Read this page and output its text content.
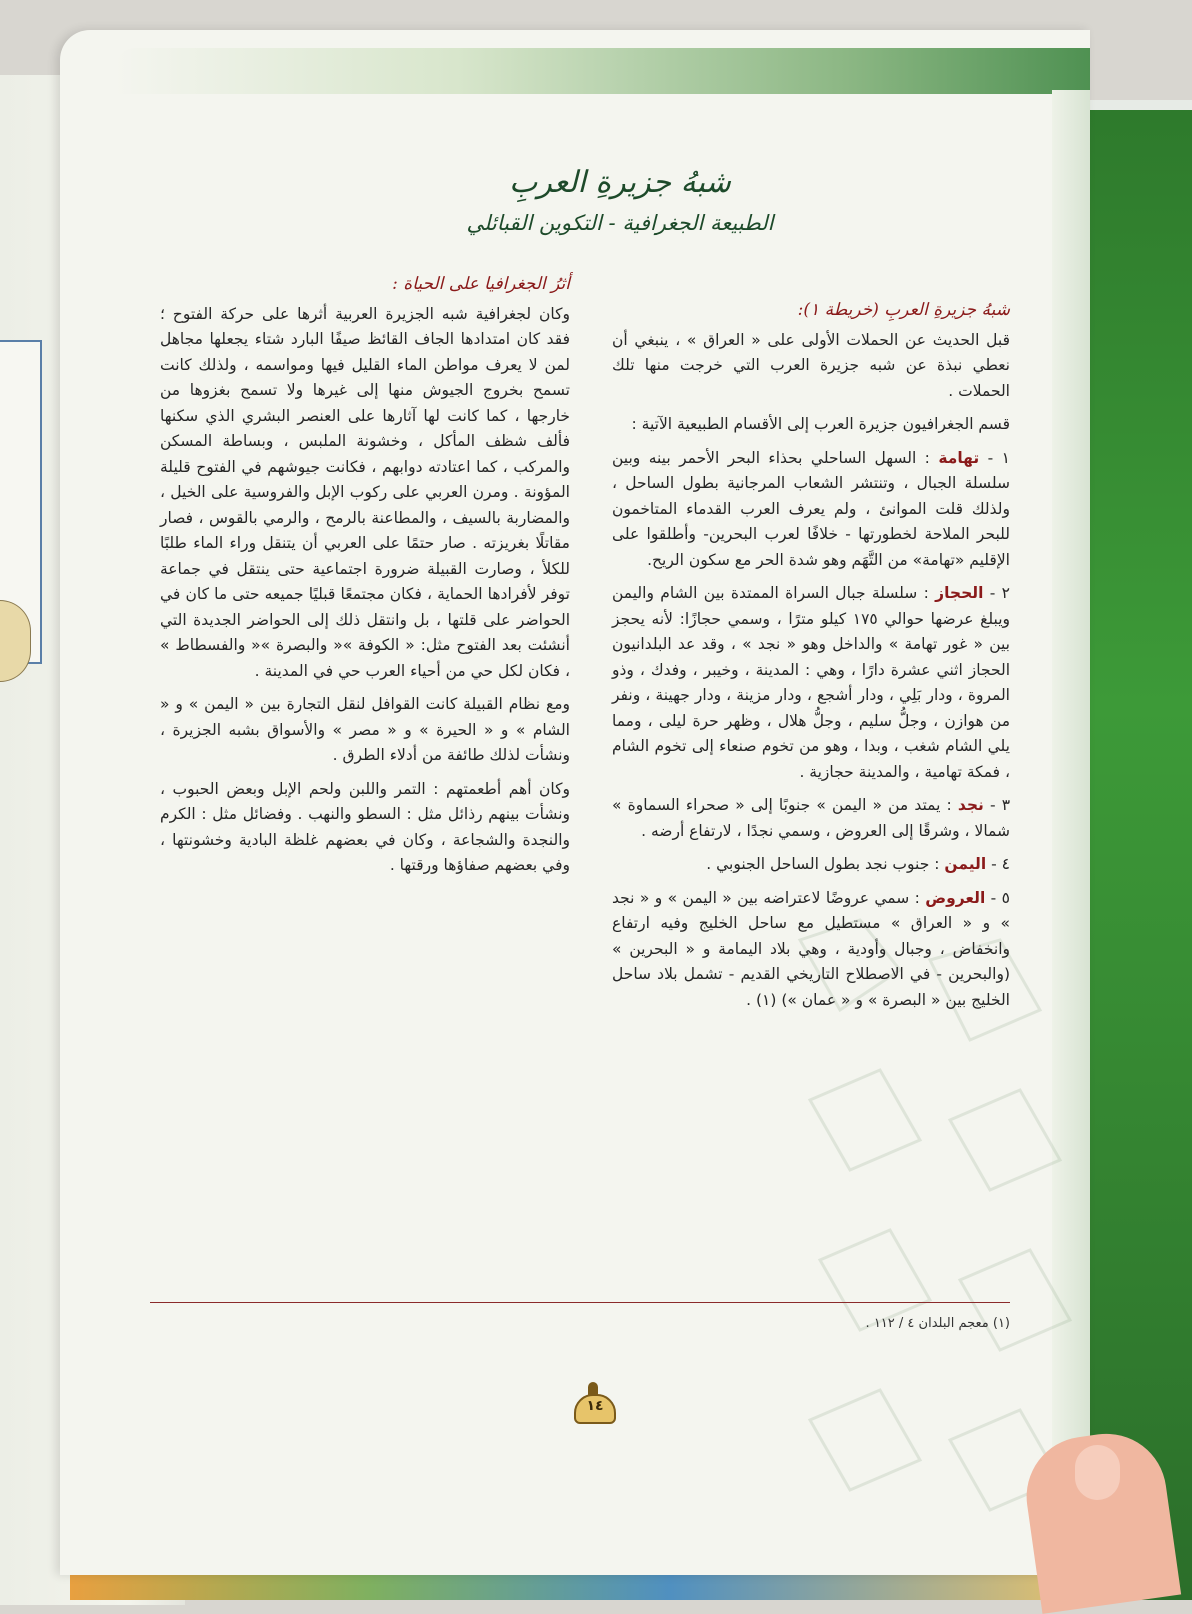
شبهُ جزيرةِ العربِ
الطبيعة الجغرافية - التكوين القبائلي
شبهُ جزيرةِ العربِ (خريطة ١):

قبل الحديث عن الحملات الأولى على « العراق » ، ينبغي أن نعطي نبذة عن شبه جزيرة العرب التي خرجت منها تلك الحملات .

قسم الجغرافيون جزيرة العرب إلى الأقسام الطبيعية الآتية :

١ - تهامة : السهل الساحلي بحذاء البحر الأحمر بينه وبين سلسلة الجبال ، وتنتشر الشعاب المرجانية بطول الساحل ، ولذلك قلت الموانئ ، ولم يعرف العرب القدماء المتاخمون للبحر الملاحة لخطورتها - خلافًا لعرب البحرين- وأطلقوا على الإقليم «تهامة» من التَّهَم وهو شدة الحر مع سكون الريح.

٢ - الحجاز : سلسلة جبال السراة الممتدة بين الشام واليمن ويبلغ عرضها حوالي ١٧٥ كيلو مترًا ، وسمي حجازًا: لأنه يحجز بين « غور تهامة » والداخل وهو « نجد » ، وقد عد البلدانيون الحجاز اثني عشرة دارًا ، وهي : المدينة ، وخيبر ، وفدك ، وذو المروة ، ودار بَلِي ، ودار أشجع ، ودار مزينة ، ودار جهينة ، ونفر من هوازن ، وجلُّ سليم ، وجلُّ هلال ، وظهر حرة ليلى ، ومما يلي الشام شغب ، وبدا ، وهو من تخوم صنعاء إلى تخوم الشام ، فمكة تهامية ، والمدينة حجازية .

٣ - نجد : يمتد من « اليمن » جنوبًا إلى « صحراء السماوة » شمالا ، وشرقًا إلى العروض ، وسمي نجدًا ، لارتفاع أرضه .

٤ - اليمن : جنوب نجد بطول الساحل الجنوبي .

٥ - العروض : سمي عروضًا لاعتراضه بين « اليمن » و « نجد » و « العراق » مستطيل مع ساحل الخليج وفيه ارتفاع وانخفاض ، وجبال وأودية ، وهي بلاد اليمامة و « البحرين » (والبحرين - في الاصطلاح التاريخي القديم - تشمل بلاد ساحل الخليج بين « البصرة » و « عمان ») (١) .

أثرُ الجغرافيا على الحياة :

وكان لجغرافية شبه الجزيرة العربية أثرها على حركة الفتوح ؛ فقد كان امتدادها الجاف القائظ صيفًا البارد شتاء يجعلها مجاهل لمن لا يعرف مواطن الماء القليل فيها ومواسمه ، ولذلك كانت تسمح بخروج الجيوش منها إلى غيرها ولا تسمح بغزوها من خارجها ، كما كانت لها آثارها على العنصر البشري الذي سكنها فألف شظف المأكل ، وخشونة الملبس ، وبساطة المسكن والمركب ، كما اعتادته دوابهم ، فكانت جيوشهم في الفتوح قليلة المؤونة . ومرن العربي على ركوب الإبل والفروسية على الخيل ، والمضاربة بالسيف ، والمطاعنة بالرمح ، والرمي بالقوس ، فصار مقاتلًا بغريزته . صار حتمًا على العربي أن يتنقل وراء الماء طلبًا للكلأ ، وصارت القبيلة ضرورة اجتماعية حتى ينتقل في جماعة توفر لأفرادها الحماية ، فكان مجتمعًا قبليًا جميعه حتى ما كان في الحواضر على قلتها ، بل وانتقل ذلك إلى الحواضر الجديدة التي أنشئت بعد الفتوح مثل: « الكوفة »« والبصرة »« والفسطاط » ، فكان لكل حي من أحياء العرب حي في المدينة .

ومع نظام القبيلة كانت القوافل لنقل التجارة بين « اليمن » و « الشام » و « الحيرة » و « مصر » والأسواق بشبه الجزيرة ، ونشأت لذلك طائفة من أدلاء الطرق .

وكان أهم أطعمتهم : التمر واللبن ولحم الإبل وبعض الحبوب ، ونشأت بينهم رذائل مثل : السطو والنهب . وفضائل مثل : الكرم والنجدة والشجاعة ، وكان في بعضهم غلظة البادية وخشونتها ، وفي بعضهم صفاؤها ورقتها .

(١) معجم البلدان ٤ / ١١٢ .
١٤
